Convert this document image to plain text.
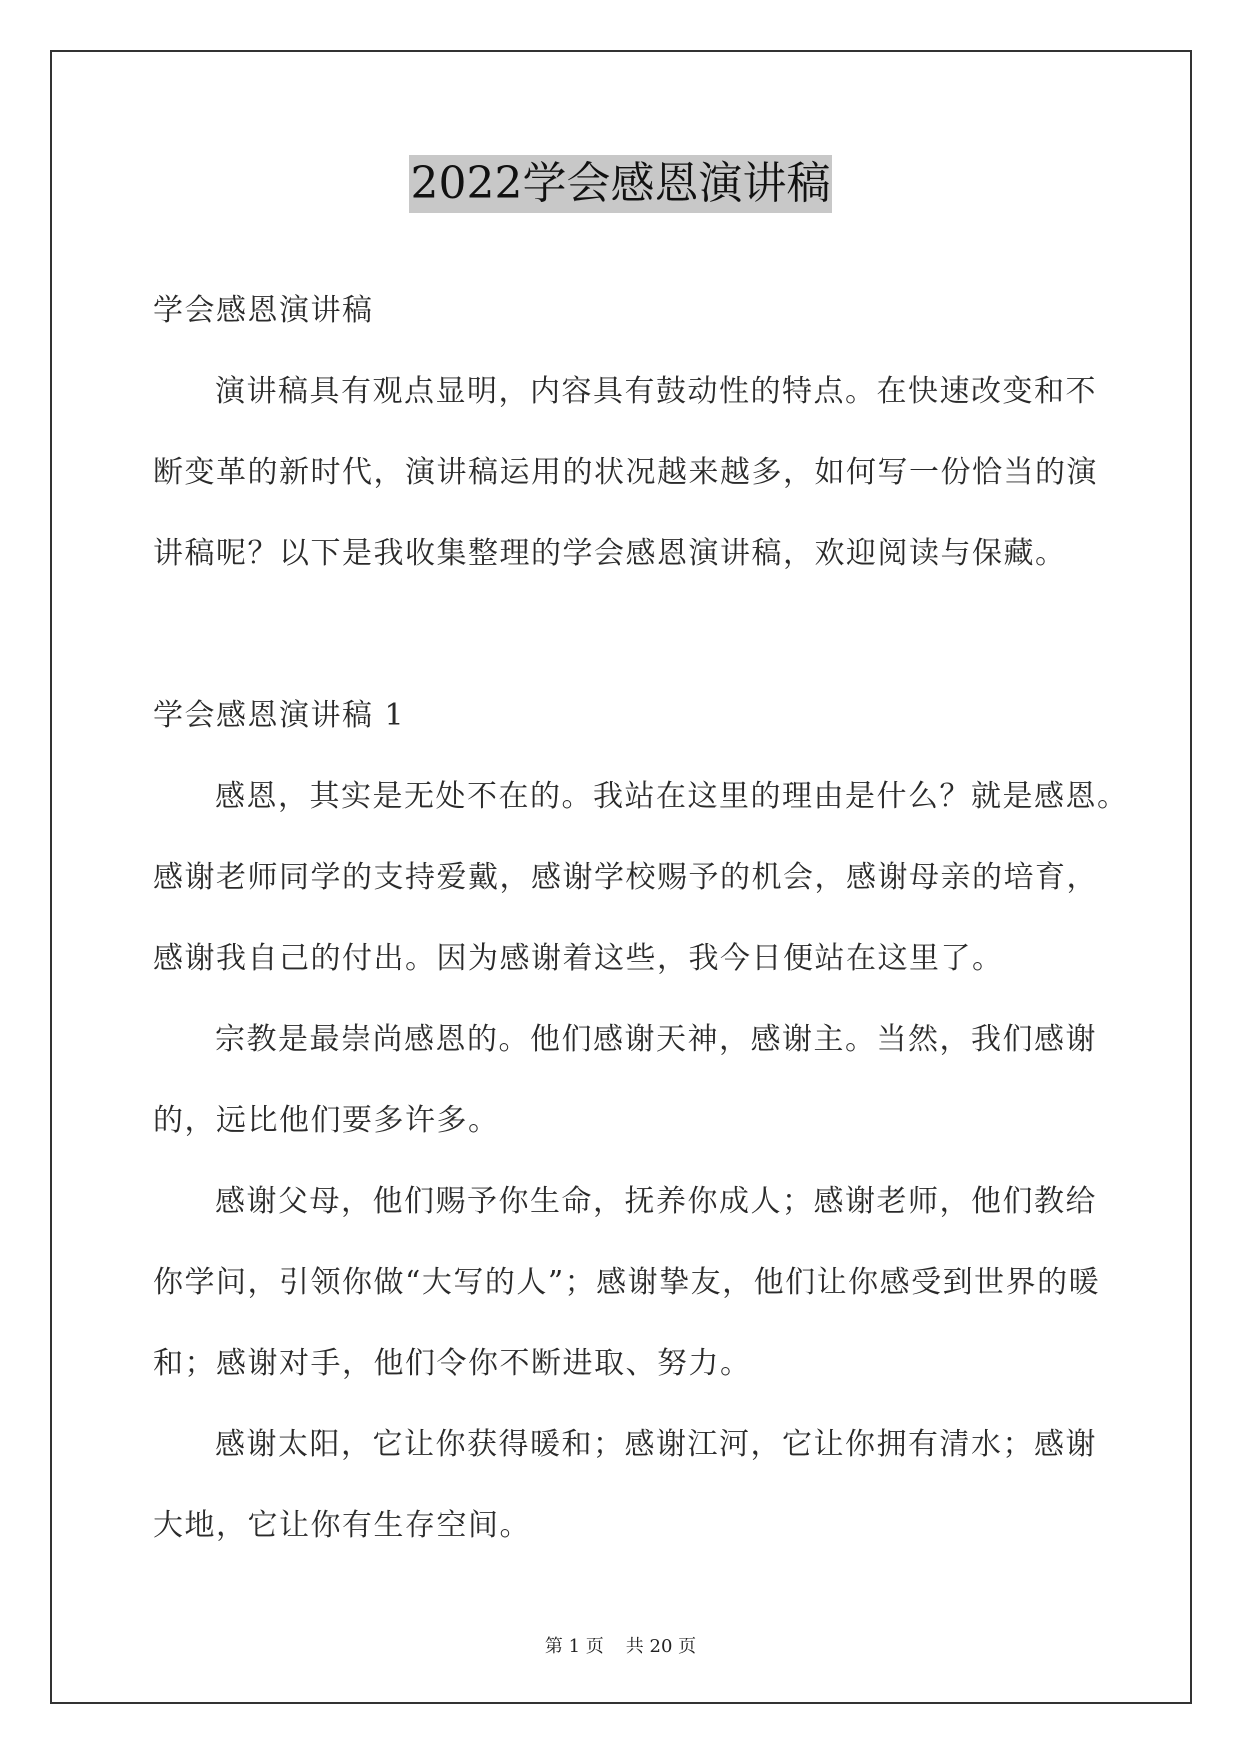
2022学会感恩演讲稿
学会感恩演讲稿
演讲稿具有观点显明，内容具有鼓动性的特点。在快速改变和不
断变革的新时代，演讲稿运用的状况越来越多，如何写一份恰当的演
讲稿呢？以下是我收集整理的学会感恩演讲稿，欢迎阅读与保藏。
学会感恩演讲稿 1
感恩，其实是无处不在的。我站在这里的理由是什么？就是感恩。
感谢老师同学的支持爱戴，感谢学校赐予的机会，感谢母亲的培育，
感谢我自己的付出。因为感谢着这些，我今日便站在这里了。
宗教是最崇尚感恩的。他们感谢天神，感谢主。当然，我们感谢
的，远比他们要多许多。
感谢父母，他们赐予你生命，抚养你成人；感谢老师，他们教给
你学问，引领你做“大写的人”；感谢挚友，他们让你感受到世界的暖
和；感谢对手，他们令你不断进取、努力。
感谢太阳，它让你获得暖和；感谢江河，它让你拥有清水；感谢
大地，它让你有生存空间。
第 1 页 共 20 页
